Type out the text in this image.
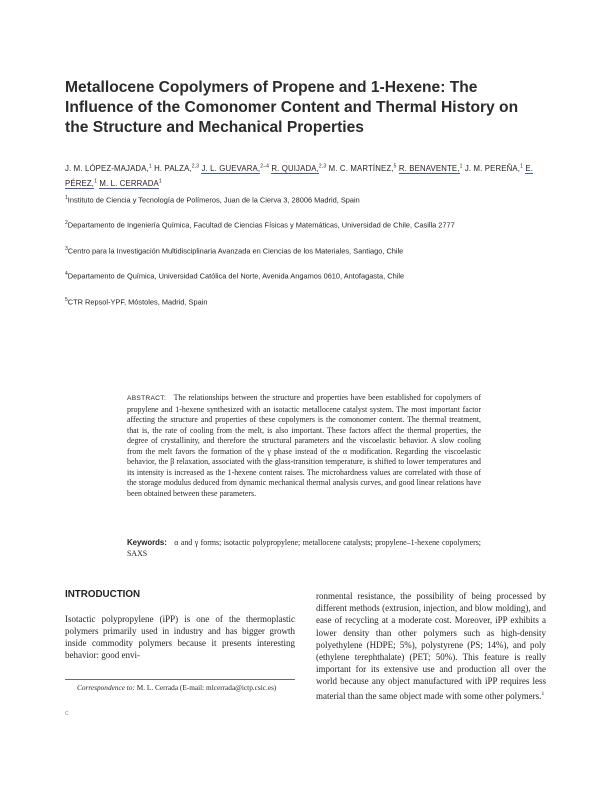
Metallocene Copolymers of Propene and 1-Hexene: The Influence of the Comonomer Content and Thermal History on the Structure and Mechanical Properties
J. M. LÓPEZ-MAJADA,$^1$ H. PALZA,$^{2,3}$ J. L. GUEVARA,$^{2-4}$ R. QUIJADA,$^{2,3}$ M. C. MARTÍNEZ,$^5$ R. BENAVENTE,$^1$ J. M. PEREÑA,$^1$ E. PÉREZ,$^1$ M. L. CERRADA$^1$

$^1$Instituto de Ciencia y Tecnología de Polímeros, Juan de la Cierva 3, 28006 Madrid, Spain

$^2$Departamento de Ingeniería Química, Facultad de Ciencias Físicas y Matemáticas, Universidad de Chile, Casilla 2777

$^3$Centro para la Investigación Multidisciplinaria Avanzada en Ciencias de los Materiales, Santiago, Chile

$^4$Departamento de Química, Universidad Católica del Norte, Avenida Angamos 0610, Antofagasta, Chile

$^5$CTR Repsol-YPF, Móstoles, Madrid, Spain

ABSTRACT: The relationships between the structure and properties have been established for copolymers of propylene and 1-hexene synthesized with an isotactic metallocene catalyst system. The most important factor affecting the structure and properties of these copolymers is the comonomer content. The thermal treatment, that is, the rate of cooling from the melt, is also important. These factors affect the thermal properties, the degree of crystallinity, and therefore the structural parameters and the viscoelastic behavior. A slow cooling from the melt favors the formation of the γ phase instead of the α modification. Regarding the viscoelastic behavior, the β relaxation, associated with the glass-transition temperature, is shifted to lower temperatures and its intensity is increased as the 1-hexene content raises. The microhardness values are correlated with those of the storage modulus deduced from dynamic mechanical thermal analysis curves, and good linear relations have been obtained between these parameters.
Keywords: α and γ forms; isotactic polypropylene; metallocene catalysts; propylene–1-hexene copolymers; SAXS
INTRODUCTION

Isotactic polypropylene (iPP) is one of the thermoplastic polymers primarily used in industry and has bigger growth inside commodity polymers because it presents interesting behavior: good envi-

ronmental resistance, the possibility of being processed by different methods (extrusion, injection, and blow molding), and ease of recycling at a moderate cost. Moreover, iPP exhibits a lower density than other polymers such as high-density polyethylene (HDPE; 5%), polystyrene (PS; 14%), and poly (ethylene terephthalate) (PET; 50%). This feature is really important for its extensive use and production all over the world because any object manufactured with iPP requires less material than the same object made with some other polymers.$^1$

Correspondence to: M. L. Cerrada (E-mail: mlcerrada@ictp.csic.es)

c
